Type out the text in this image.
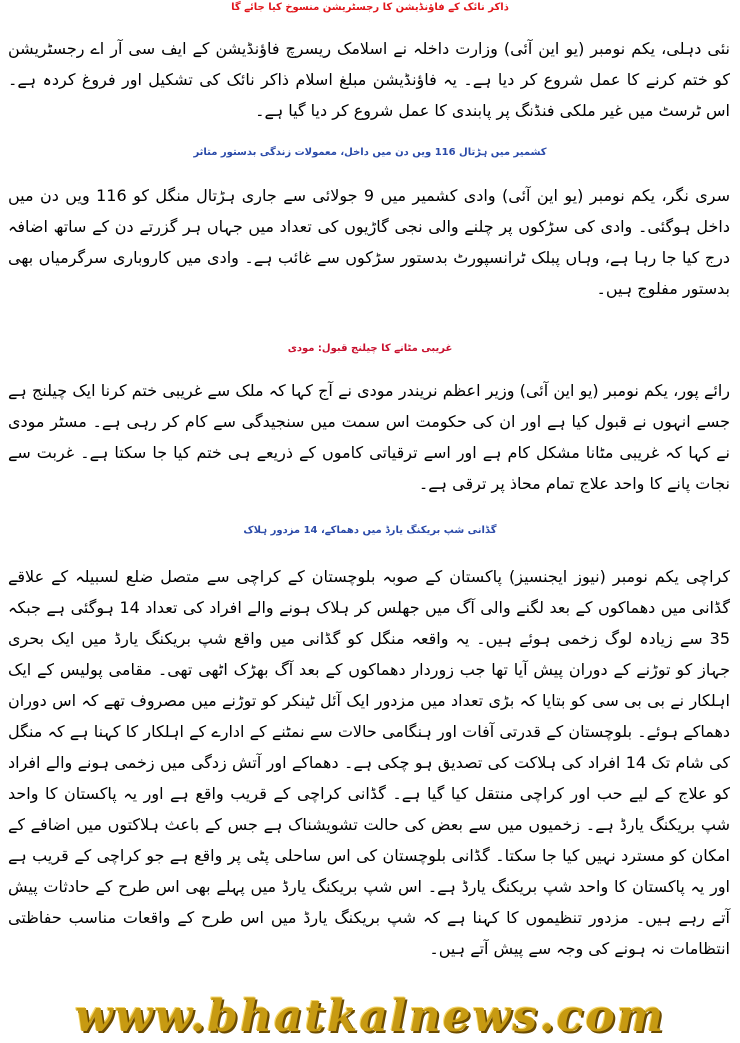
ذاکر نائک کے فاؤنڈیشن کا رجسٹریشن منسوخ کیا جائے گا

نئی دہلی، یکم نومبر (یو این آئی) وزارت داخلہ نے اسلامک ریسرچ فاؤنڈیشن کے ایف سی آر اے رجسٹریشن کو ختم کرنے کا عمل شروع کر دیا ہے۔ یہ فاؤنڈیشن مبلغ اسلام ذاکر نائک کی تشکیل اور فروغ کردہ ہے۔ اس ٹرسٹ میں غیر ملکی فنڈنگ پر پابندی کا عمل شروع کر دیا گیا ہے۔

کشمیر میں ہڑتال 116 ویں دن میں داخل، معمولات زندگی بدستور متاثر

سری نگر، یکم نومبر (یو این آئی) وادی کشمیر میں 9 جولائی سے جاری ہڑتال منگل کو 116 ویں دن میں داخل ہوگئی۔ وادی کی سڑکوں پر چلنے والی نجی گاڑیوں کی تعداد میں جہاں ہر گزرتے دن کے ساتھ اضافہ درج کیا جا رہا ہے، وہاں پبلک ٹرانسپورٹ بدستور سڑکوں سے غائب ہے۔ وادی میں کاروباری سرگرمیاں بھی بدستور مفلوج ہیں۔

غریبی مٹانے کا چیلنج قبول: مودی

رائے پور، یکم نومبر (یو این آئی) وزیر اعظم نریندر مودی نے آج کہا کہ ملک سے غریبی ختم کرنا ایک چیلنج ہے جسے انہوں نے قبول کیا ہے اور ان کی حکومت اس سمت میں سنجیدگی سے کام کر رہی ہے۔ مسٹر مودی نے کہا کہ غریبی مٹانا مشکل کام ہے اور اسے ترقیاتی کاموں کے ذریعے ہی ختم کیا جا سکتا ہے۔ غربت سے نجات پانے کا واحد علاج تمام محاذ پر ترقی ہے۔

گڈانی شپ بریکنگ یارڈ میں دھماکے، 14 مزدور ہلاک

کراچی یکم نومبر (نیوز ایجنسیز) پاکستان کے صوبہ بلوچستان کے کراچی سے متصل ضلع لسبیلہ کے علاقے گڈانی میں دھماکوں کے بعد لگنے والی آگ میں جھلس کر ہلاک ہونے والے افراد کی تعداد 14 ہوگئی ہے جبکہ 35 سے زیادہ لوگ زخمی ہوئے ہیں۔ یہ واقعہ منگل کو گڈانی میں واقع شپ بریکنگ یارڈ میں ایک بحری جہاز کو توڑنے کے دوران پیش آیا تھا جب زوردار دھماکوں کے بعد آگ بھڑک اٹھی تھی۔ مقامی پولیس کے ایک اہلکار نے بی بی سی کو بتایا کہ بڑی تعداد میں مزدور ایک آئل ٹینکر کو توڑنے میں مصروف تھے کہ اس دوران دھماکے ہوئے۔ بلوچستان کے قدرتی آفات اور ہنگامی حالات سے نمٹنے کے ادارے کے اہلکار کا کہنا ہے کہ منگل کی شام تک 14 افراد کی ہلاکت کی تصدیق ہو چکی ہے۔ دھماکے اور آتش زدگی میں زخمی ہونے والے افراد کو علاج کے لیے حب اور کراچی منتقل کیا گیا ہے۔ گڈانی کراچی کے قریب واقع ہے اور یہ پاکستان کا واحد شپ بریکنگ یارڈ ہے۔ زخمیوں میں سے بعض کی حالت تشویشناک ہے جس کے باعث ہلاکتوں میں اضافے کے امکان کو مسترد نہیں کیا جا سکتا۔ گڈانی بلوچستان کی اس ساحلی پٹی پر واقع ہے جو کراچی کے قریب ہے اور یہ پاکستان کا واحد شپ بریکنگ یارڈ ہے۔ اس شپ بریکنگ یارڈ میں پہلے بھی اس طرح کے حادثات پیش آتے رہے ہیں۔ مزدور تنظیموں کا کہنا ہے کہ شپ بریکنگ یارڈ میں اس طرح کے واقعات مناسب حفاظتی انتظامات نہ ہونے کی وجہ سے پیش آتے ہیں۔

www.bhatkalnews.com
